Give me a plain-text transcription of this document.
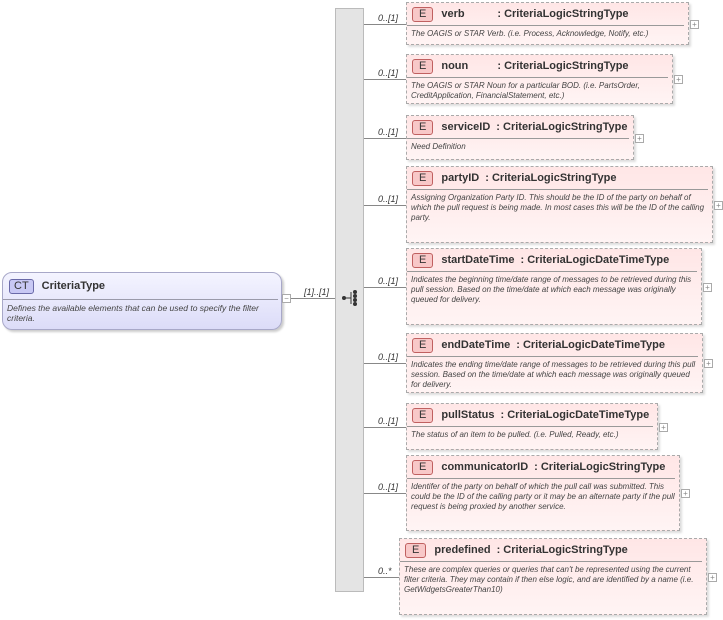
CT	CriteriaType
Defines the available elements that can be used to specify the filter criteria.
−
[1]..[1]
0..[1]	E	verb	: CriteriaLogicStringType
The OAGIS or STAR Verb. (i.e. Process, Acknowledge, Notify, etc.)
+
0..[1]
E	noun	: CriteriaLogicStringType
The OAGIS or STAR Noun for a particular BOD. (i.e. PartsOrder, CreditApplication, FinancialStatement, etc.)
+
0..[1]	E	serviceID : CriteriaLogicStringType
Need Definition
+
0..[1]
E	partyID : CriteriaLogicStringType
Assigning Organization Party ID. This should be the ID of the party on behalf of which the pull request is being made. In most cases this will be the ID of the calling party.
+
0..[1]
E	startDateTime : CriteriaLogicDateTimeType
Indicates the beginning time/date range of messages to be retrieved during this pull session. Based on the time/date at which each message was originally queued for delivery.
+
0..[1]
E	endDateTime : CriteriaLogicDateTimeType
Indicates the ending time/date range of messages to be retrieved during this pull session. Based on the time/date at which each message was originally queued for delivery.
+
0..[1]	E	pullStatus : CriteriaLogicDateTimeType
The status of an item to be pulled. (i.e. Pulled, Ready, etc.)
+
0..[1]
E	communicatorID : CriteriaLogicStringType
Identifer of the party on behalf of which the pull call was submitted. This could be the ID of the calling party or it may be an alternate party if the pull request is being proxied by another service.
+
0..*
E	predefined : CriteriaLogicStringType
These are complex queries or queries that can't be represented using the current filter criteria. They may contain if then else logic, and are identified by a name (i.e. GetWidgetsGreaterThan10)
+
